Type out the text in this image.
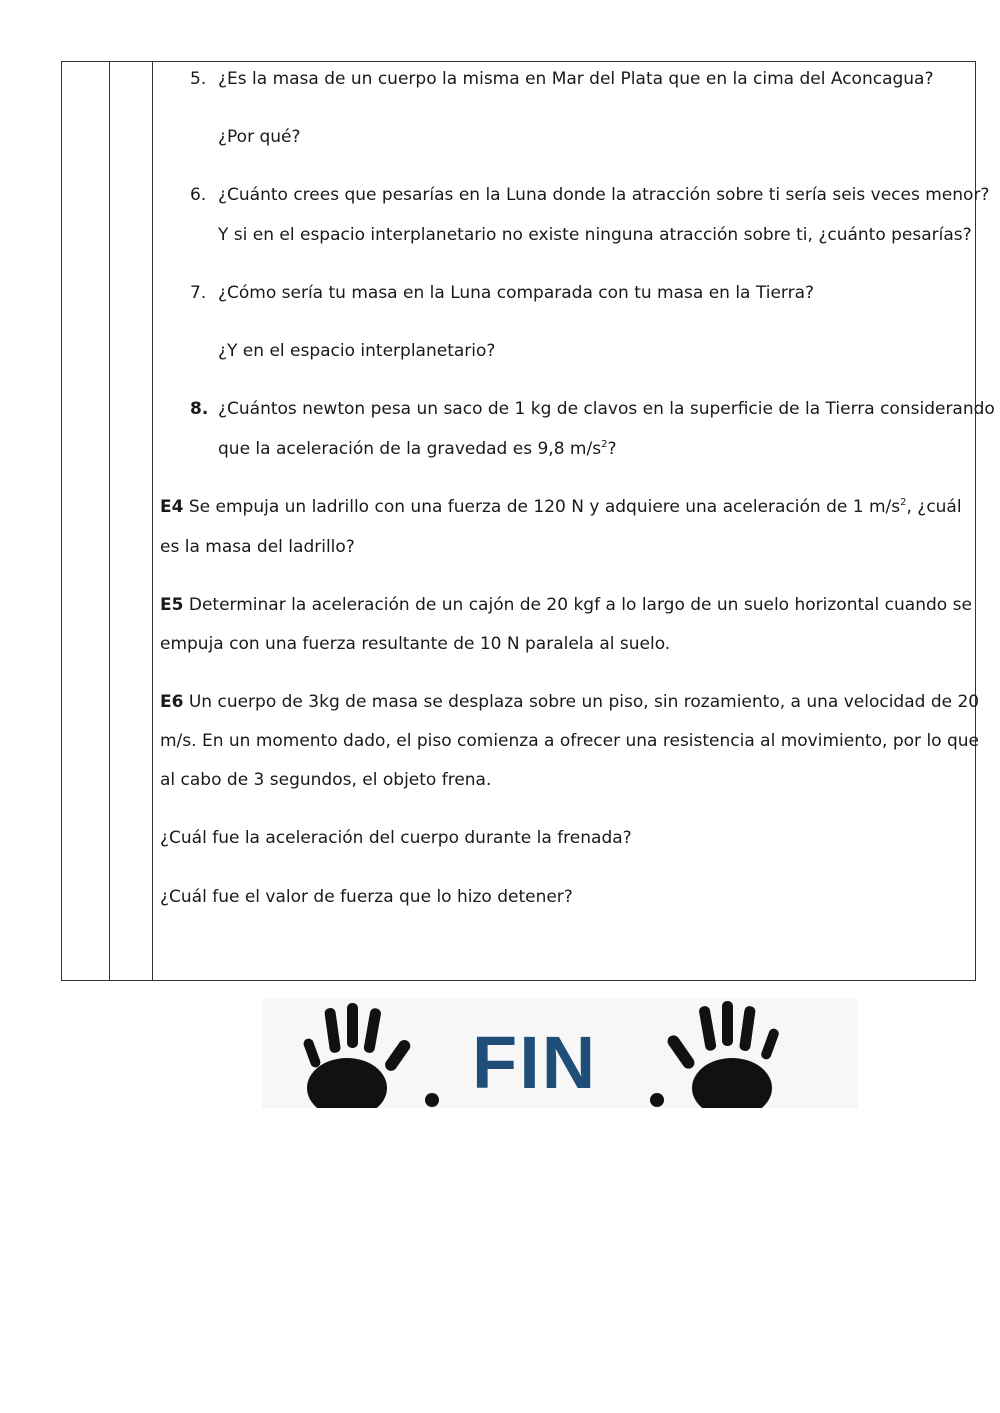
5. ¿Es la masa de un cuerpo la misma en Mar del Plata que en la cima del Aconcagua?
¿Por qué?
6. ¿Cuánto crees que pesarías en la Luna donde la atracción sobre ti sería seis veces menor?
Y si en el espacio interplanetario no existe ninguna atracción sobre ti, ¿cuánto pesarías?
7. ¿Cómo sería tu masa en la Luna comparada con tu masa en la Tierra?
¿Y en el espacio interplanetario?
8. ¿Cuántos newton pesa un saco de 1 kg de clavos en la superficie de la Tierra considerando
que la aceleración de la gravedad es 9,8 $m/s^2$?
E4 Se empuja un ladrillo con una fuerza de 120 N y adquiere una aceleración de 1 $m/s^2$, ¿cuál
es la masa del ladrillo?
E5 Determinar la aceleración de un cajón de 20 kgf a lo largo de un suelo horizontal cuando se
empuja con una fuerza resultante de 10 N paralela al suelo.
E6 Un cuerpo de 3kg de masa se desplaza sobre un piso, sin rozamiento, a una velocidad de 20
m/s. En un momento dado, el piso comienza a ofrecer una resistencia al movimiento, por lo que
al cabo de 3 segundos, el objeto frena.
¿Cuál fue la aceleración del cuerpo durante la frenada?
¿Cuál fue el valor de fuerza que lo hizo detener?
FIN
